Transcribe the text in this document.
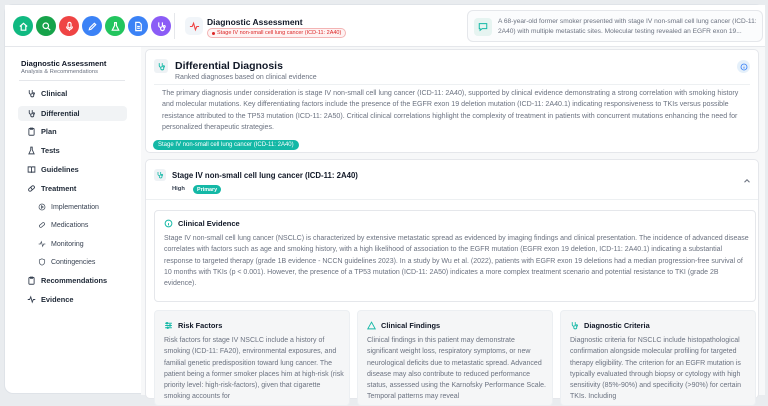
Diagnostic Assessment
Stage IV non-small cell lung cancer (ICD-11: 2A40)
A 68-year-old former smoker presented with stage IV non-small cell lung cancer (ICD-11: 2A40) with multiple metastatic sites. Molecular testing revealed an EGFR exon 19...
Diagnostic Assessment
Analysis & Recommendations
Clinical
Differential
Plan
Tests
Guidelines
Treatment
Implementation
Medications
Monitoring
Contingencies
Recommendations
Evidence
Differential Diagnosis
Ranked diagnoses based on clinical evidence
The primary diagnosis under consideration is stage IV non-small cell lung cancer (ICD-11: 2A40), supported by clinical evidence demonstrating a strong correlation with smoking history and molecular mutations. Key differentiating factors include the presence of the EGFR exon 19 deletion mutation (ICD-11: 2A40.1) indicating responsiveness to TKIs versus possible resistance attributed to the TP53 mutation (ICD-11: 2A50). Critical clinical correlations highlight the complexity of treatment in patients with concurrent mutations enhancing the need for personalized therapeutic strategies.
Stage IV non-small cell lung cancer (ICD-11: 2A40)
Stage IV non-small cell lung cancer (ICD-11: 2A40)
High	Primary
Clinical Evidence
Stage IV non-small cell lung cancer (NSCLC) is characterized by extensive metastatic spread as evidenced by imaging findings and clinical presentation. The incidence of advanced disease correlates with factors such as age and smoking history, with a high likelihood of association to the EGFR mutation (EGFR exon 19 deletion, ICD-11: 2A40.1) indicating a substantial response to targeted therapy (grade 1B evidence - NCCN guidelines 2023). In a study by Wu et al. (2022), patients with EGFR exon 19 deletions had a median progression-free survival of 10 months with TKIs (p < 0.001). However, the presence of a TP53 mutation (ICD-11: 2A50) indicates a more complex treatment scenario and potential resistance to TKI (grade 2B evidence).
Risk Factors
Risk factors for stage IV NSCLC include a history of smoking (ICD-11: FA20), environmental exposures, and familial genetic predisposition toward lung cancer. The patient being a former smoker places him at high-risk (risk priority level: high-risk-factors), given that cigarette smoking accounts for
Clinical Findings
Clinical findings in this patient may demonstrate significant weight loss, respiratory symptoms, or new neurological deficits due to metastatic spread. Advanced disease may also contribute to reduced performance status, assessed using the Karnofsky Performance Scale. Temporal patterns may reveal
Diagnostic Criteria
Diagnostic criteria for NSCLC include histopathological confirmation alongside molecular profiling for targeted therapy eligibility. The criterion for an EGFR mutation is typically evaluated through biopsy or cytology with high sensitivity (85%-90%) and specificity (>90%) for certain TKIs. Including
